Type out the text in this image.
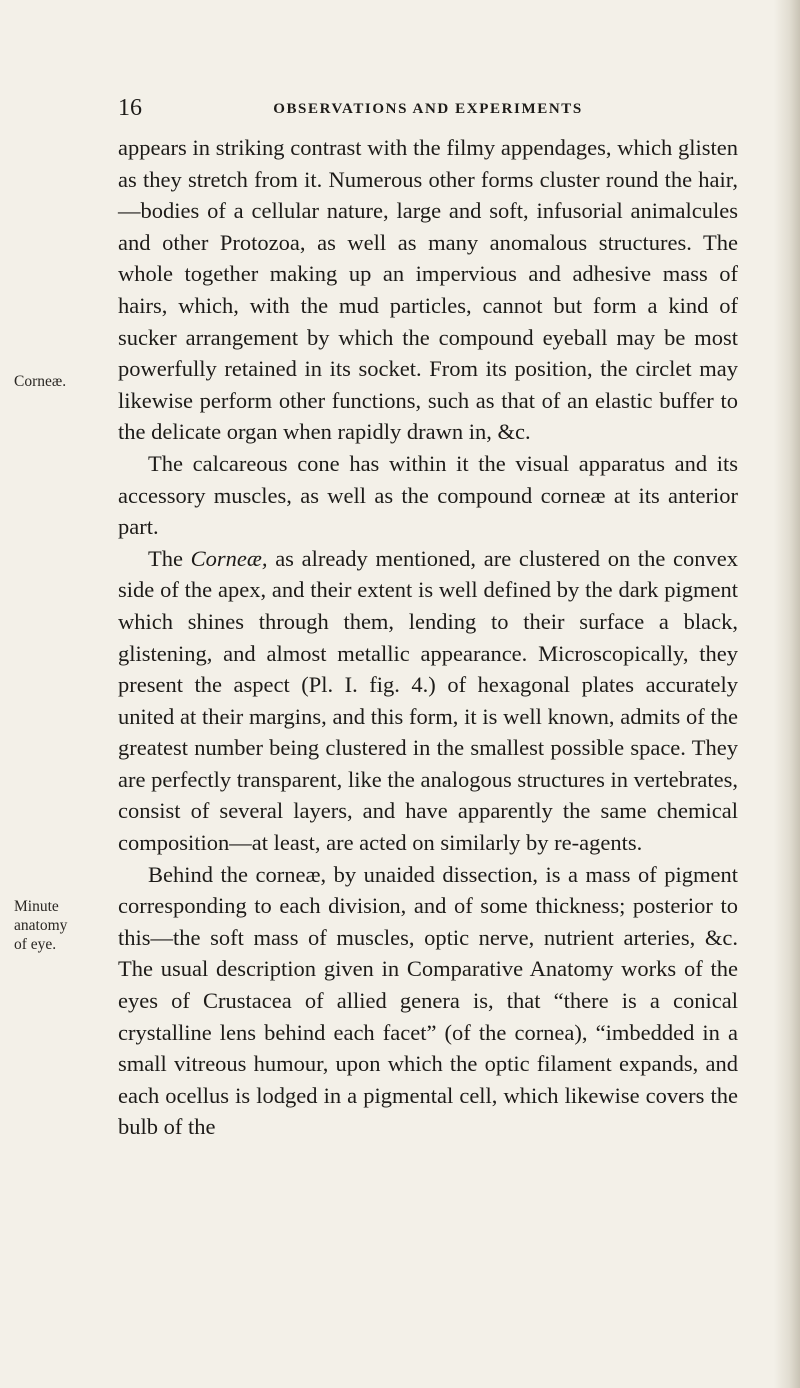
16	OBSERVATIONS AND EXPERIMENTS
Corneæ.
Minute
anatomy
of eye.

appears in striking contrast with the filmy appendages, which glisten as they stretch from it. Numerous other forms cluster round the hair,—bodies of a cellular nature, large and soft, infusorial animalcules and other Protozoa, as well as many anomalous structures. The whole together making up an impervious and adhesive mass of hairs, which, with the mud particles, cannot but form a kind of sucker arrangement by which the compound eyeball may be most powerfully retained in its socket. From its position, the circlet may likewise perform other functions, such as that of an elastic buffer to the delicate organ when rapidly drawn in, &c.

The calcareous cone has within it the visual apparatus and its accessory muscles, as well as the compound corneæ at its anterior part.

The Corneæ, as already mentioned, are clustered on the convex side of the apex, and their extent is well defined by the dark pigment which shines through them, lending to their surface a black, glistening, and almost metallic appearance. Microscopically, they present the aspect (Pl. I. fig. 4.) of hexagonal plates accurately united at their margins, and this form, it is well known, admits of the greatest number being clustered in the smallest possible space. They are perfectly transparent, like the analogous structures in vertebrates, consist of several layers, and have apparently the same chemical composition—at least, are acted on similarly by re-agents.

Behind the corneæ, by unaided dissection, is a mass of pigment corresponding to each division, and of some thickness; posterior to this—the soft mass of muscles, optic nerve, nutrient arteries, &c. The usual description given in Comparative Anatomy works of the eyes of Crustacea of allied genera is, that “there is a conical crystalline lens behind each facet” (of the cornea), “imbedded in a small vitreous humour, upon which the optic filament expands, and each ocellus is lodged in a pigmental cell, which likewise covers the bulb of the
